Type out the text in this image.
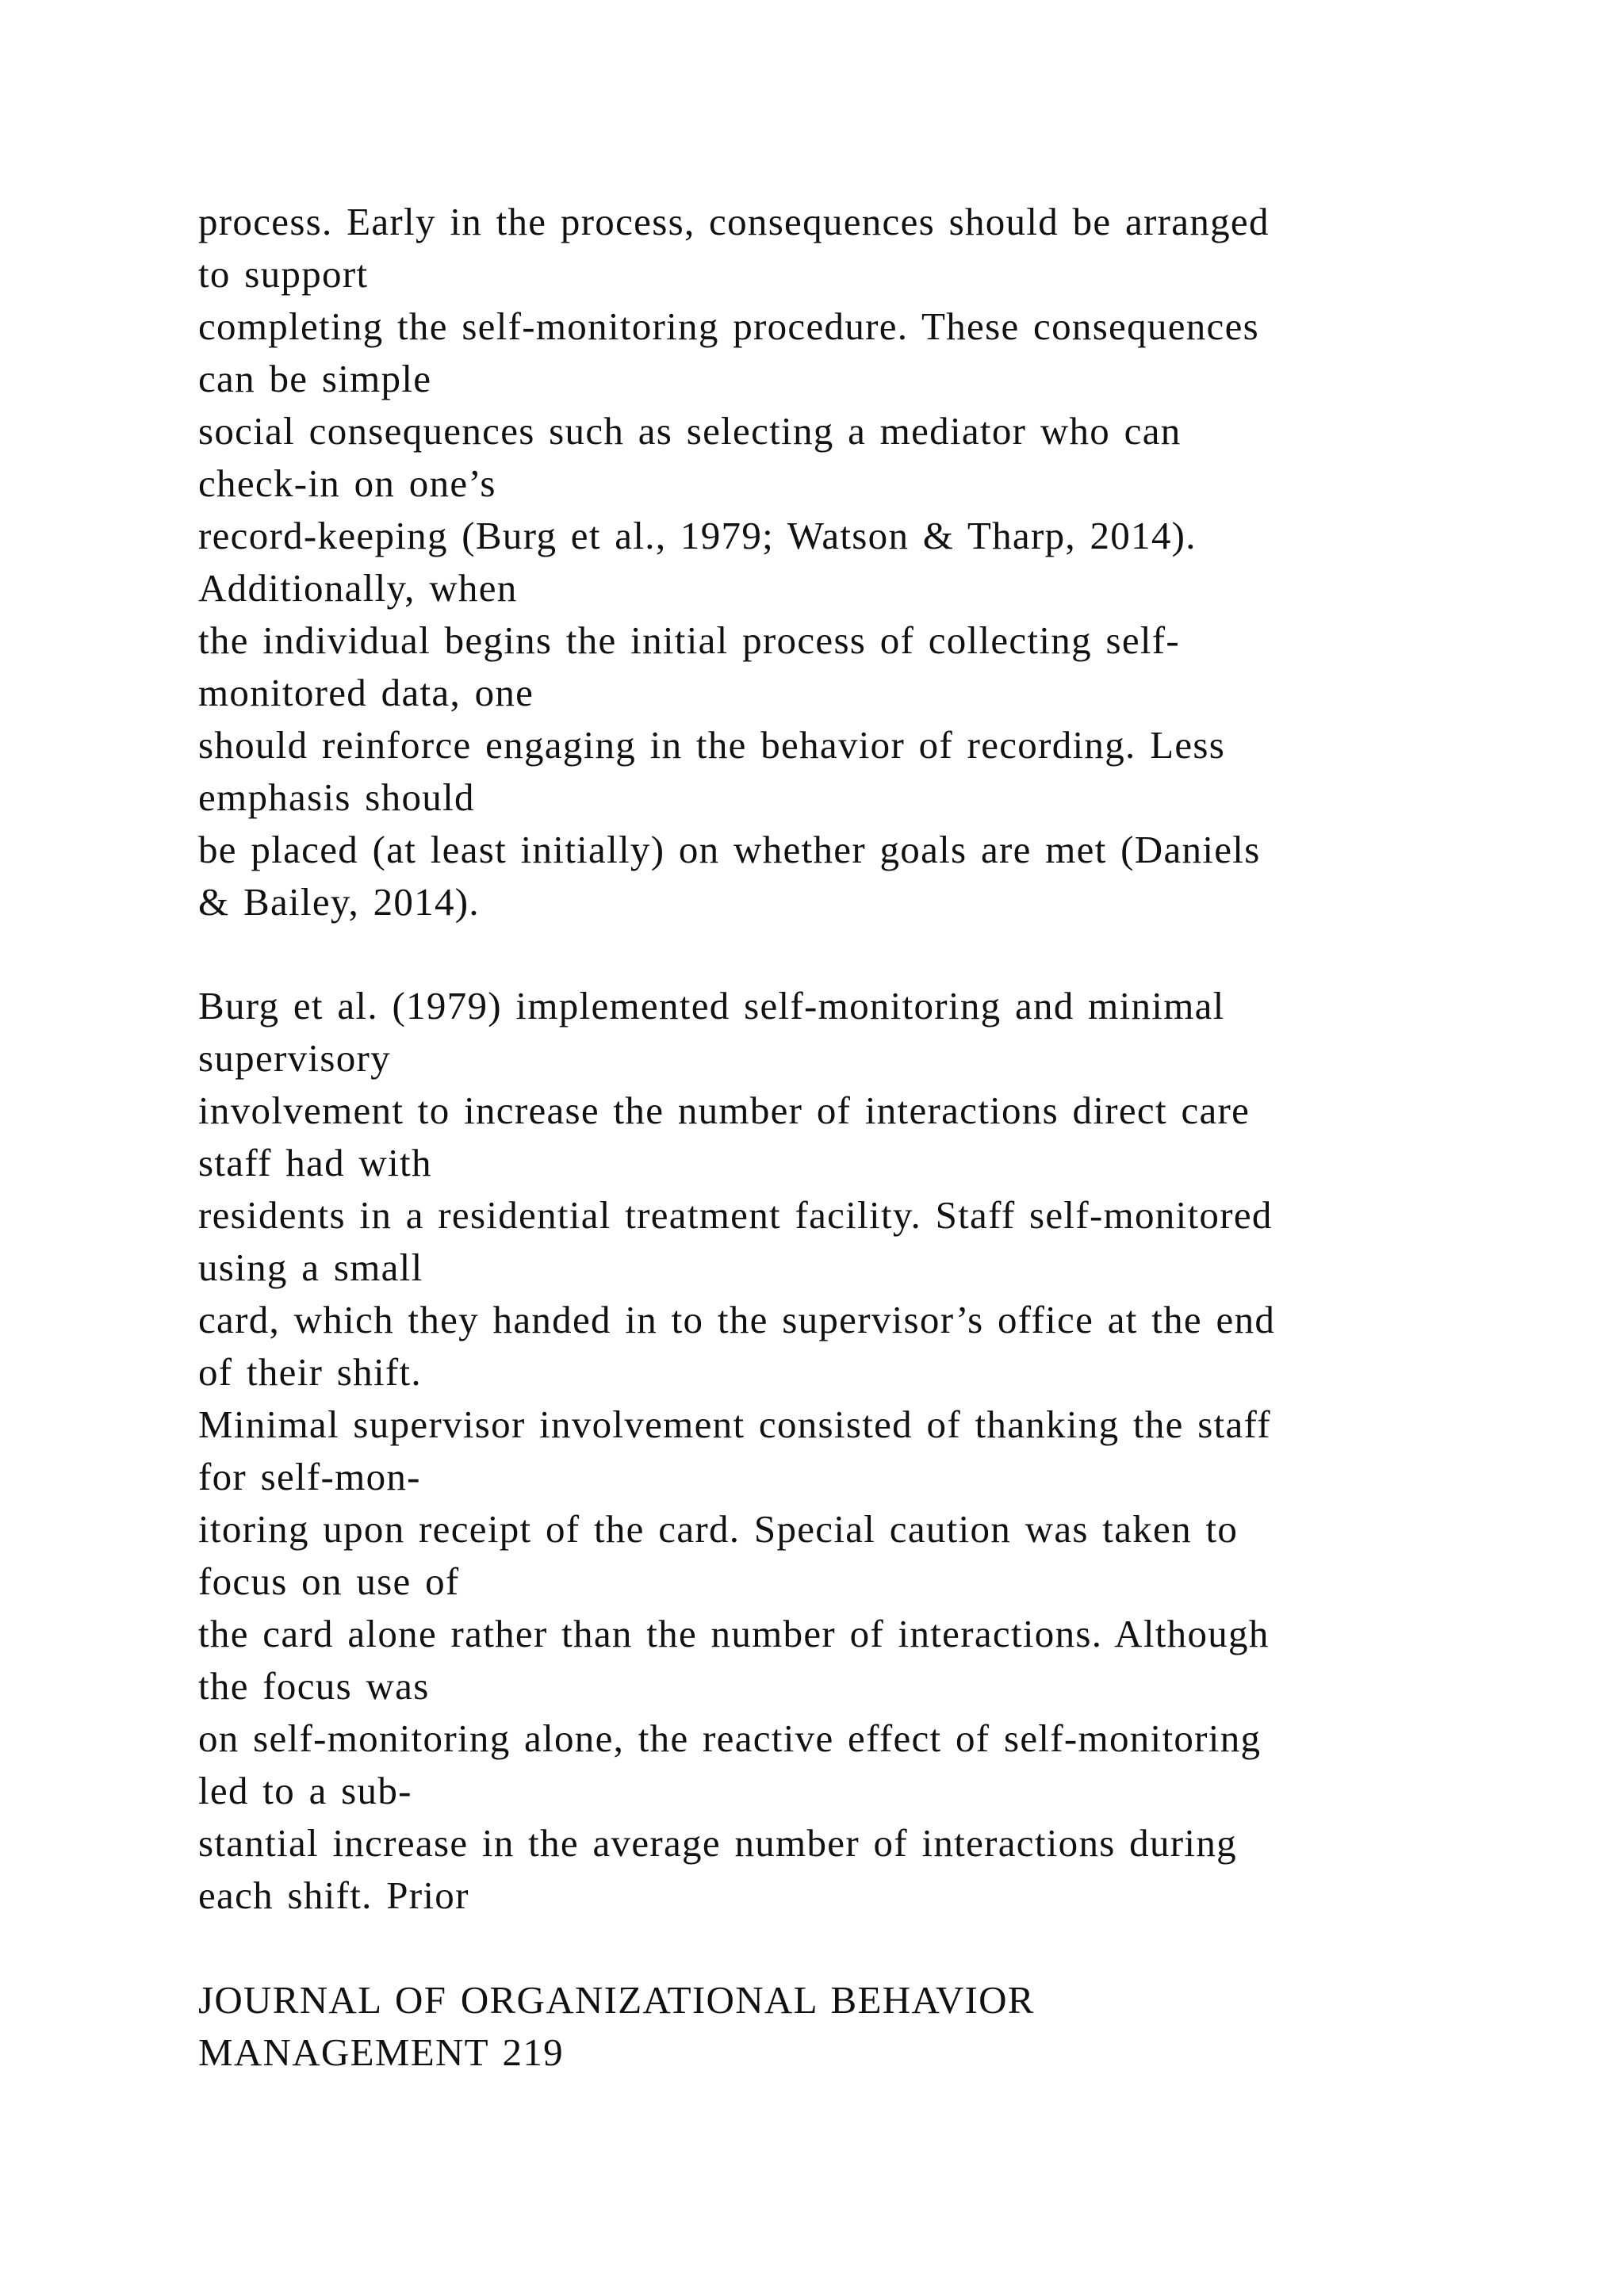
process. Early in the process, consequences should be arranged
to support
completing the self-monitoring procedure. These consequences
can be simple
social consequences such as selecting a mediator who can
check-in on one’s
record-keeping (Burg et al., 1979; Watson & Tharp, 2014).
Additionally, when
the individual begins the initial process of collecting self-
monitored data, one
should reinforce engaging in the behavior of recording. Less
emphasis should
be placed (at least initially) on whether goals are met (Daniels
& Bailey, 2014).
Burg et al. (1979) implemented self-monitoring and minimal
supervisory
involvement to increase the number of interactions direct care
staff had with
residents in a residential treatment facility. Staff self-monitored
using a small
card, which they handed in to the supervisor’s office at the end
of their shift.
Minimal supervisor involvement consisted of thanking the staff
for self-mon-
itoring upon receipt of the card. Special caution was taken to
focus on use of
the card alone rather than the number of interactions. Although
the focus was
on self-monitoring alone, the reactive effect of self-monitoring
led to a sub-
stantial increase in the average number of interactions during
each shift. Prior
JOURNAL OF ORGANIZATIONAL BEHAVIOR
MANAGEMENT 219
